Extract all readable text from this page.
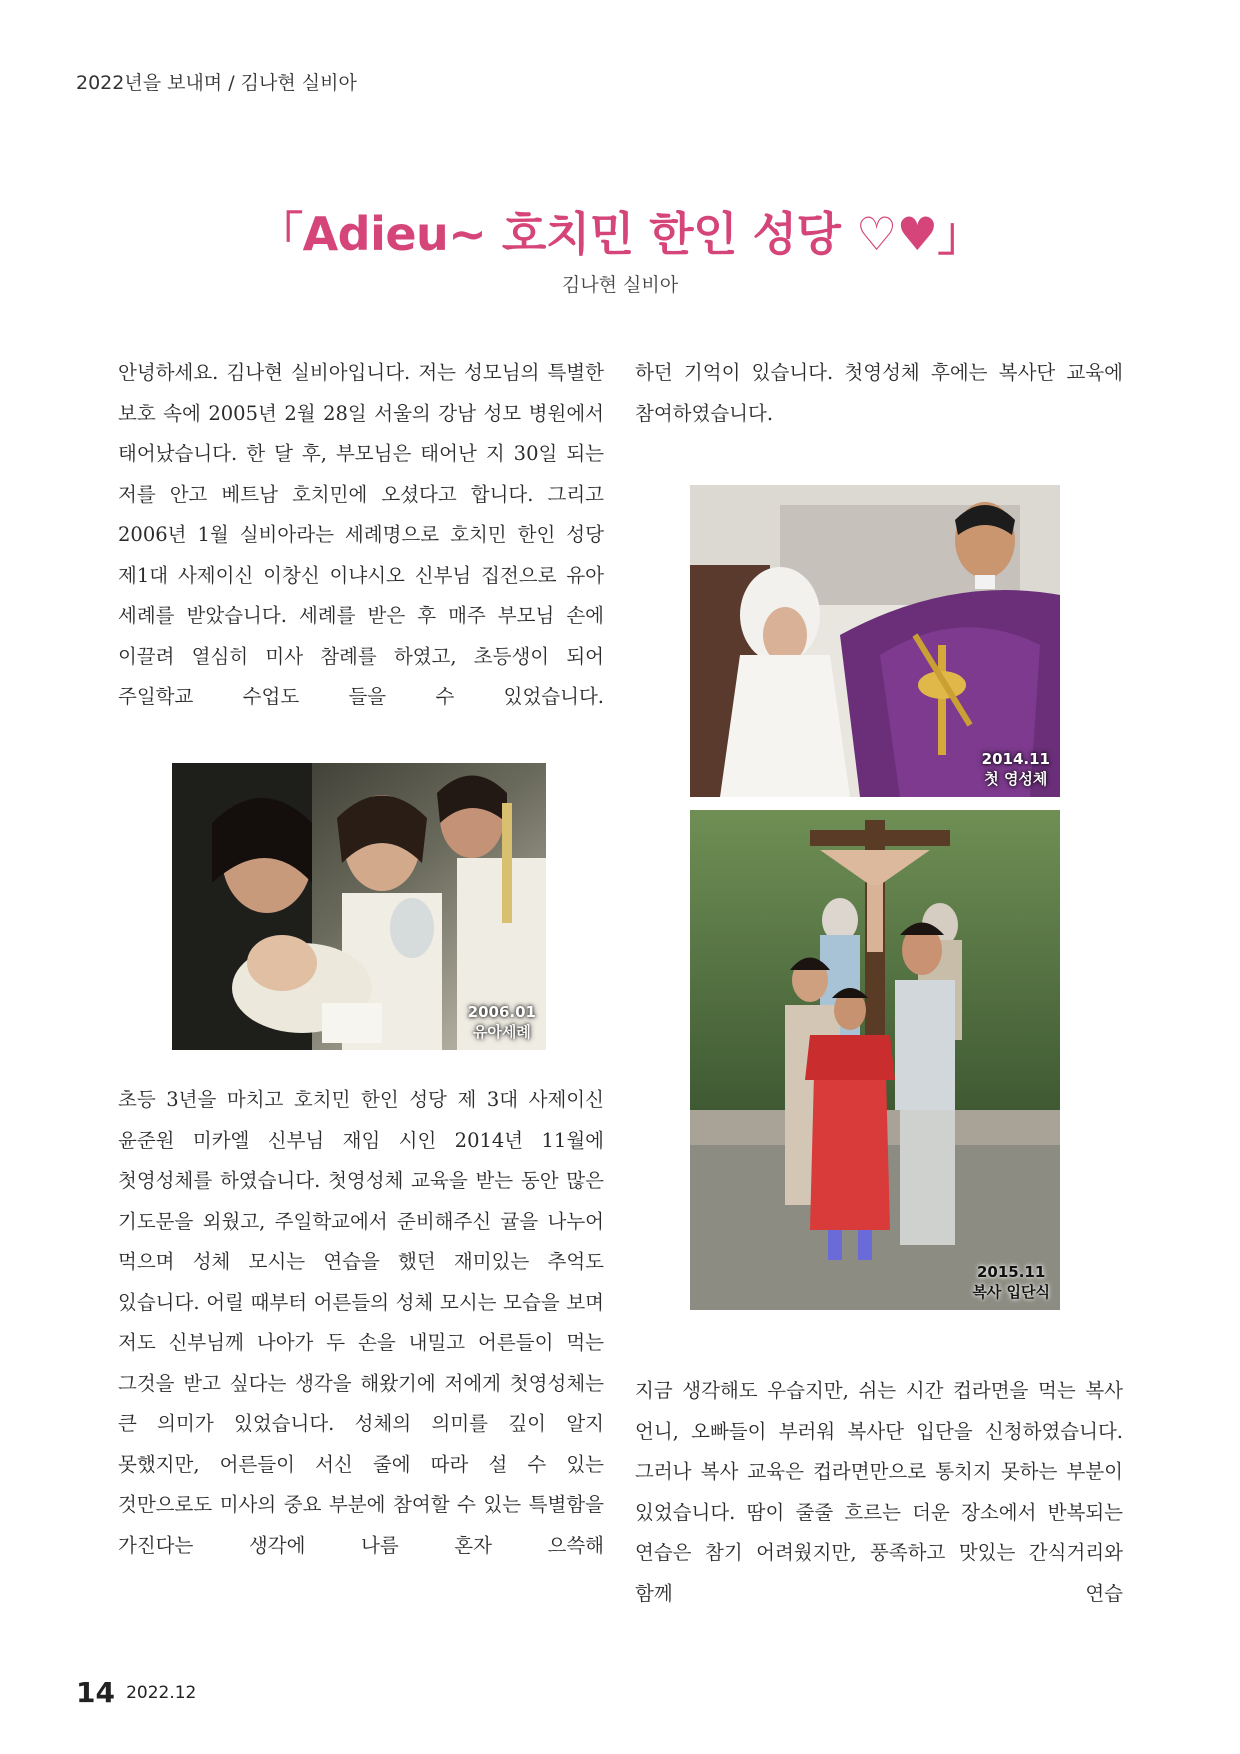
2022년을 보내며 / 김나현 실비아
「Adieu~ 호치민 한인 성당 ♡♥」
김나현 실비아

안녕하세요. 김나현 실비아입니다. 저는 성모님의 특별한 보호 속에 2005년 2월 28일 서울의 강남 성모 병원에서 태어났습니다. 한 달 후, 부모님은 태어난 지 30일 되는 저를 안고 베트남 호치민에 오셨다고 합니다. 그리고 2006년 1월 실비아라는 세례명으로 호치민 한인 성당 제1대 사제이신 이창신 이냐시오 신부님 집전으로 유아 세례를 받았습니다. 세례를 받은 후 매주 부모님 손에 이끌려 열심히 미사 참례를 하였고, 초등생이 되어 주일학교 수업도 들을 수 있었습니다.

2006.01
유아세례

초등 3년을 마치고 호치민 한인 성당 제 3대 사제이신 윤준원 미카엘 신부님 재임 시인 2014년 11월에 첫영성체를 하였습니다. 첫영성체 교육을 받는 동안 많은 기도문을 외웠고, 주일학교에서 준비해주신 귤을 나누어 먹으며 성체 모시는 연습을 했던 재미있는 추억도 있습니다. 어릴 때부터 어른들의 성체 모시는 모습을 보며 저도 신부님께 나아가 두 손을 내밀고 어른들이 먹는 그것을 받고 싶다는 생각을 해왔기에 저에게 첫영성체는 큰 의미가 있었습니다. 성체의 의미를 깊이 알지 못했지만, 어른들이 서신 줄에 따라 설 수 있는 것만으로도 미사의 중요 부분에 참여할 수 있는 특별함을 가진다는 생각에 나름 혼자 으쓱해

하던 기억이 있습니다. 첫영성체 후에는 복사단 교육에 참여하였습니다.

2014.11
첫 영성체
2015.11
복사 입단식

지금 생각해도 우습지만, 쉬는 시간 컵라면을 먹는 복사 언니, 오빠들이 부러워 복사단 입단을 신청하였습니다. 그러나 복사 교육은 컵라면만으로 통치지 못하는 부분이 있었습니다. 땀이 줄줄 흐르는 더운 장소에서 반복되는 연습은 참기 어려웠지만, 풍족하고 맛있는 간식거리와 함께 연습

14 2022.12
